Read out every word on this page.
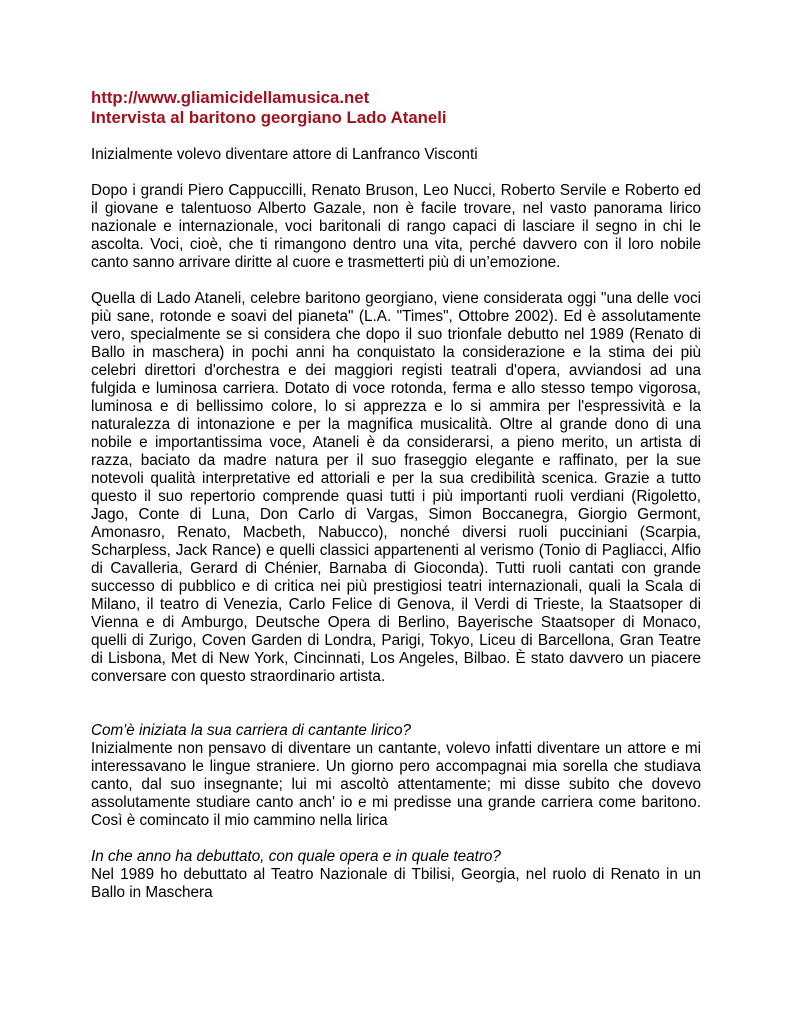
http://www.gliamicidellamusica.net
Intervista al baritono georgiano Lado Ataneli

Inizialmente volevo diventare attore di Lanfranco Visconti

Dopo i grandi Piero Cappuccilli, Renato Bruson, Leo Nucci, Roberto Servile e Roberto ed il giovane e talentuoso Alberto Gazale, non è facile trovare, nel vasto panorama lirico nazionale e internazionale, voci baritonali di rango capaci di lasciare il segno in chi le ascolta. Voci, cioè, che ti rimangono dentro una vita, perché davvero con il loro nobile canto sanno arrivare diritte al cuore e trasmetterti più di un’emozione.

Quella di Lado Ataneli, celebre baritono georgiano, viene considerata oggi "una delle voci più sane, rotonde e soavi del pianeta" (L.A. "Times", Ottobre 2002). Ed è assolutamente vero, specialmente se si considera che dopo il suo trionfale debutto nel 1989 (Renato di Ballo in maschera) in pochi anni ha conquistato la considerazione e la stima dei più celebri direttori d'orchestra e dei maggiori registi teatrali d'opera, avviandosi ad una fulgida e luminosa carriera. Dotato di voce rotonda, ferma e allo stesso tempo vigorosa, luminosa e di bellissimo colore, lo si apprezza e lo si ammira per l'espressività e la naturalezza di intonazione e per la magnifica musicalità. Oltre al grande dono di una nobile e importantissima voce, Ataneli è da considerarsi, a pieno merito, un artista di razza, baciato da madre natura per il suo fraseggio elegante e raffinato, per la sue notevoli qualità interpretative ed attoriali e per la sua credibilità scenica. Grazie a tutto questo il suo repertorio comprende quasi tutti i più importanti ruoli verdiani (Rigoletto, Jago, Conte di Luna, Don Carlo di Vargas, Simon Boccanegra, Giorgio Germont, Amonasro, Renato, Macbeth, Nabucco), nonché diversi ruoli pucciniani (Scarpia, Scharpless, Jack Rance) e quelli classici appartenenti al verismo (Tonio di Pagliacci, Alfio di Cavalleria, Gerard di Chénier, Barnaba di Gioconda). Tutti ruoli cantati con grande successo di pubblico e di critica nei più prestigiosi teatri internazionali, quali la Scala di Milano, il teatro di Venezia, Carlo Felice di Genova, il Verdi di Trieste, la Staatsoper di Vienna e di Amburgo, Deutsche Opera di Berlino, Bayerische Staatsoper di Monaco, quelli di Zurigo, Coven Garden di Londra, Parigi, Tokyo, Liceu di Barcellona, Gran Teatre di Lisbona, Met di New York, Cincinnati, Los Angeles, Bilbao. È stato davvero un piacere conversare con questo straordinario artista.

Com'è iniziata la sua carriera di cantante lirico?

Inizialmente non pensavo di diventare un cantante, volevo infatti diventare un attore e mi interessavano le lingue straniere. Un giorno pero accompagnai mia sorella che studiava canto, dal suo insegnante; lui mi ascoltò attentamente; mi disse subito che dovevo assolutamente studiare canto anch' io e mi predisse una grande carriera come baritono. Così è comincato il mio cammino nella lirica

In che anno ha debuttato, con quale opera e in quale teatro?

Nel 1989 ho debuttato al Teatro Nazionale di Tbilisi, Georgia, nel ruolo di Renato in un Ballo in Maschera
